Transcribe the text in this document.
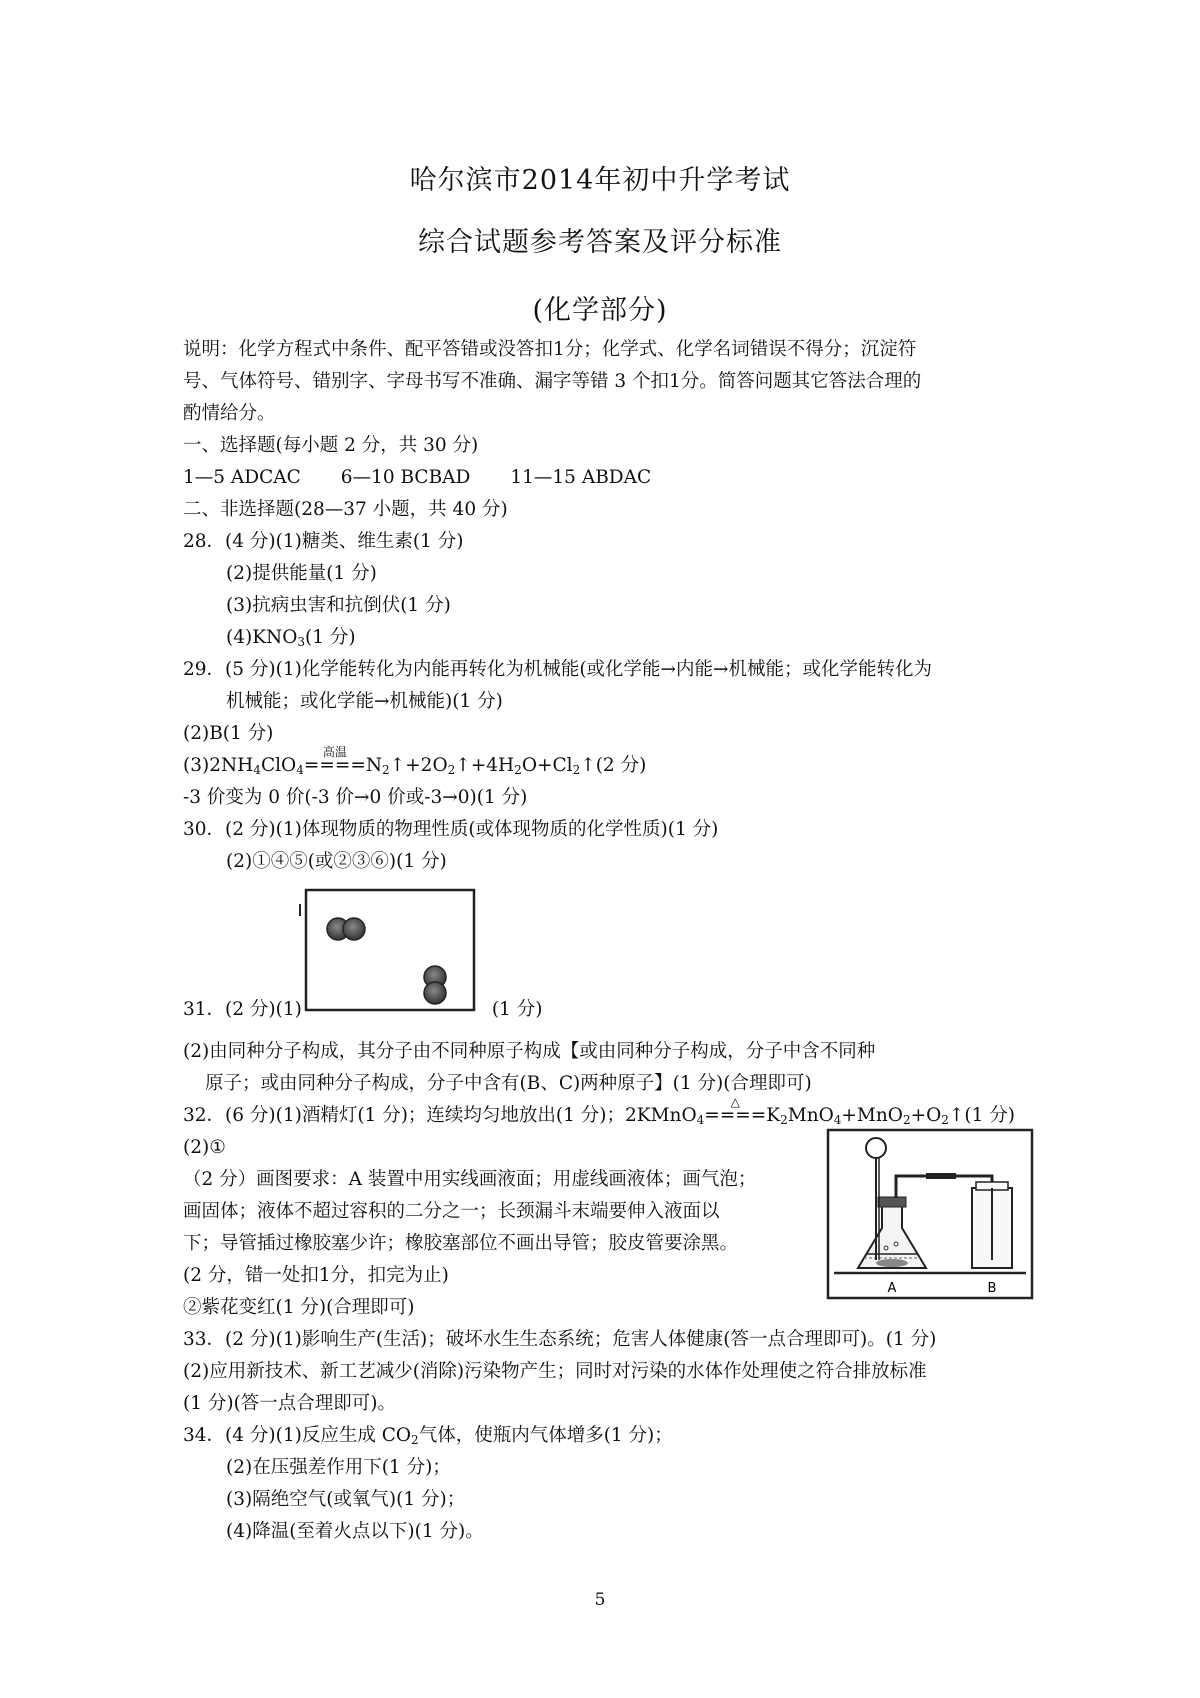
哈尔滨市2014年初中升学考试
综合试题参考答案及评分标准
(化学部分)
说明：化学方程式中条件、配平答错或没答扣1分；化学式、化学名词错误不得分；沉淀符
号、气体符号、错别字、字母书写不准确、漏字等错 3 个扣1分。简答问题其它答法合理的
酌情给分。
一、选择题(每小题 2 分，共 30 分)
1—5 ADCAC 6—10 BCBAD 11—15 ABDAC
二、非选择题(28—37 小题，共 40 分)
28．(4 分)(1)糖类、维生素(1 分)
(2)提供能量(1 分)
(3)抗病虫害和抗倒伏(1 分)
$(4)KNO_3(1$ 分)
29．(5 分)(1)化学能转化为内能再转化为机械能(或化学能→内能→机械能；或化学能转化为
机械能；或化学能→机械能)(1 分)
(2)B(1 分)
$(3)2NH_4ClO_4$
高温
$====N_2↑+2O_2↑+4H_2O+Cl_2↑(2$ 分)
-3 价变为 0 价(-3 价→0 价或-3→0)(1 分)
30．(2 分)(1)体现物质的物理性质(或体现物质的化学性质)(1 分)
(2)①④⑤(或②③⑥)(1 分)
31．(2 分)(1)	(1 分)
(2)由同种分子构成，其分子由不同种原子构成【或由同种分子构成，分子中含不同种
原子；或由同种分子构成，分子中含有(B、C)两种原子】(1 分)(合理即可)
32．(6 分)(1)酒精灯(1 分)；连续均匀地放出(1 分)；2KMnO$_4$
△
$====K_2MnO_4+MnO_2+O_2↑(1$ 分)
(2)①
（2 分）画图要求：A 装置中用实线画液面；用虚线画液体；画气泡；
画固体；液体不超过容积的二分之一；长颈漏斗末端要伸入液面以
下；导管插过橡胶塞少许；橡胶塞部位不画出导管；胶皮管要涂黑。
(2 分，错一处扣1分，扣完为止)
②紫花变红(1 分)(合理即可)
A	B
33．(2 分)(1)影响生产(生活)；破坏水生生态系统；危害人体健康(答一点合理即可)。(1 分)
(2)应用新技术、新工艺减少(消除)污染物产生；同时对污染的水体作处理使之符合排放标准
(1 分)(答一点合理即可)。
34．(4 分)(1)反应生成 $CO_2$气体，使瓶内气体增多(1 分)；
(2)在压强差作用下(1 分)；
(3)隔绝空气(或氧气)(1 分)；
(4)降温(至着火点以下)(1 分)。
5
